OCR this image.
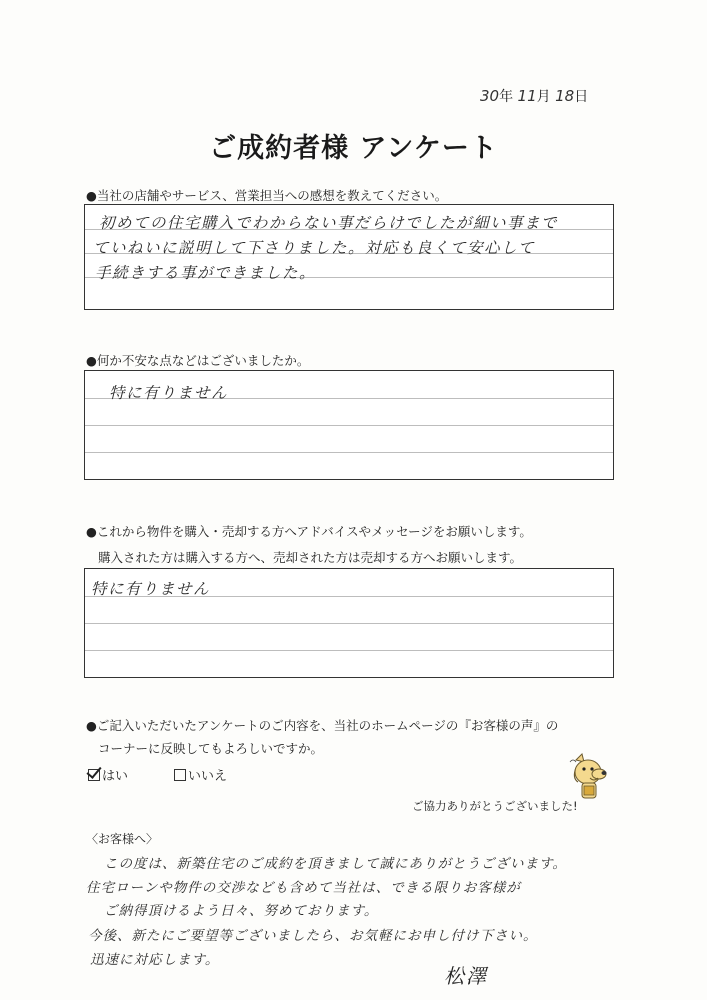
30年 11月 18日
ご成約者様 アンケート
●当社の店舗やサービス、営業担当への感想を教えてください。
初めての住宅購入でわからない事だらけでしたが細い事まで
ていねいに説明して下さりました。対応も良くて安心して
手続きする事ができました。
●何か不安な点などはございましたか。
特に有りません
●これから物件を購入・売却する方へアドバイスやメッセージをお願いします。
購入された方は購入する方へ、売却された方は売却する方へお願いします。
特に有りません
●ご記入いただいたアンケートのご内容を、当社のホームページの『お客様の声』の
コーナーに反映してもよろしいですか。
はい	いいえ
ご協力ありがとうございました!
〈お客様へ〉
この度は、新築住宅のご成約を頂きまして誠にありがとうございます。
住宅ローンや物件の交渉なども含めて当社は、できる限りお客様が
ご納得頂けるよう日々、努めております。
今後、新たにご要望等ございましたら、お気軽にお申し付け下さい。
迅速に対応します。
松澤
